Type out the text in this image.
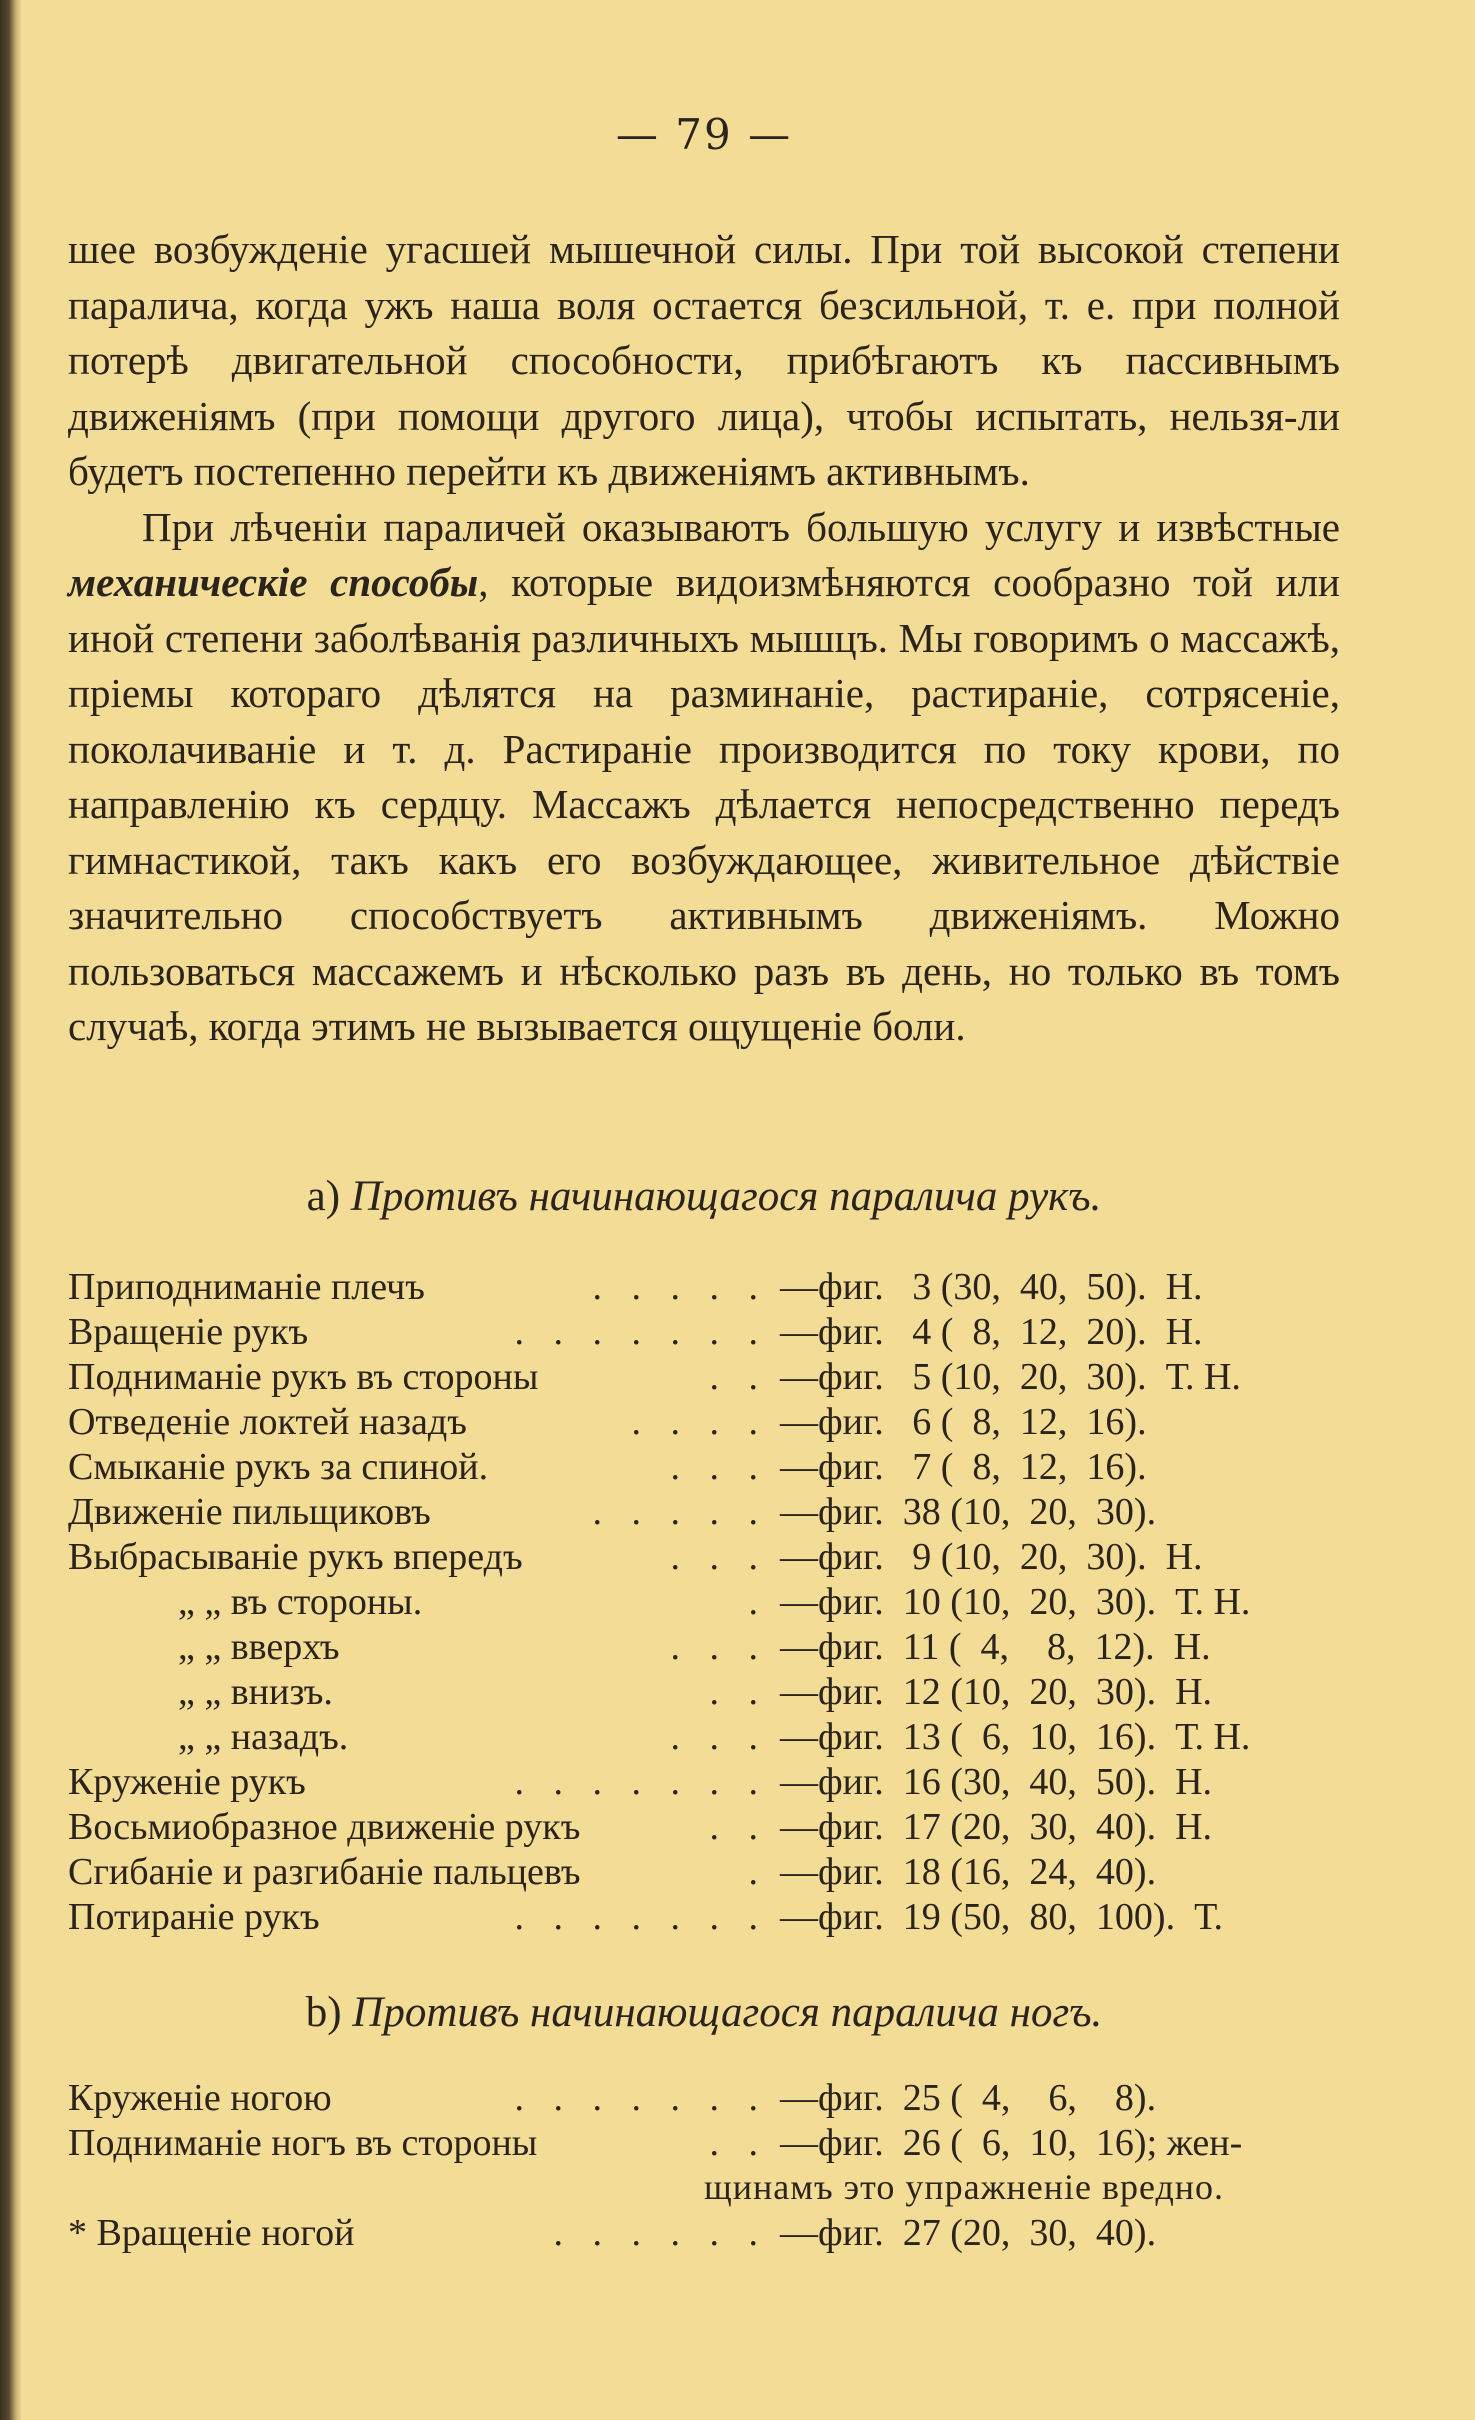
— 79 —

шее возбужденіе угасшей мышечной силы. При той высокой степени паралича, когда ужъ наша воля остается безсильной, т. е. при полной потерѣ двигательной способности, прибѣгаютъ къ пассивнымъ движеніямъ (при помощи другого лица), чтобы испытать, нельзя-ли будетъ постепенно перейти къ движеніямъ активнымъ.

При лѣченіи параличей оказываютъ большую услугу и извѣстные механическіе способы, которые видоизмѣняются сообразно той или иной степени заболѣванія различныхъ мышцъ. Мы говоримъ о массажѣ, пріемы котораго дѣлятся на разминаніе, растираніе, сотрясеніе, поколачиваніе и т. д. Растираніе производится по току крови, по направленію къ сердцу. Массажъ дѣлается непосредственно передъ гимнастикой, такъ какъ его возбуждающее, живительное дѣйствіе значительно способствуетъ активнымъ движеніямъ. Можно пользоваться массажемъ и нѣсколько разъ въ день, но только въ томъ случаѣ, когда этимъ не вызывается ощущеніе боли.

a) Противъ начинающагося паралича рукъ.
Приподниманіе плечъ	. . . . . —фиг.   3 (30,  40,  50).  Н.
Вращеніе рукъ	. . . . . . . —фиг.   4 (  8,  12,  20).  Н.
Подниманіе рукъ въ стороны	. . —фиг.   5 (10,  20,  30).  Т. Н.
Отведеніе локтей назадъ	. . . . —фиг.   6 (  8,  12,  16).
Смыканіе рукъ за спиной.	. . . —фиг.   7 (  8,  12,  16).
Движеніе пильщиковъ	. . . . . —фиг.  38 (10,  20,  30).
Выбрасываніе рукъ впередъ	. . . —фиг.   9 (10,  20,  30).  Н.
„ „ въ стороны.	. —фиг.  10 (10,  20,  30).  Т. Н.
„ „ вверхъ	. . . —фиг.  11 (  4,    8,  12).  Н.
„ „ внизъ.	. . —фиг.  12 (10,  20,  30).  Н.
„ „ назадъ.	. . . —фиг.  13 (  6,  10,  16).  Т. Н.
Круженіе рукъ	. . . . . . . —фиг.  16 (30,  40,  50).  Н.
Восьмиобразное движеніе рукъ	. . —фиг.  17 (20,  30,  40).  Н.
Сгибаніе и разгибаніе пальцевъ	. —фиг.  18 (16,  24,  40).
Потираніе рукъ	. . . . . . . —фиг.  19 (50,  80,  100).  Т.
b) Противъ начинающагося паралича ногъ.
Круженіе ногою	. . . . . . . —фиг.  25 (  4,    6,    8).
Подниманіе ногъ въ стороны	. . —фиг.  26 (  6,  10,  16); жен-
щинамъ это упражненіе вредно.
* Вращеніе ногой	. . . . . . —фиг.  27 (20,  30,  40).
